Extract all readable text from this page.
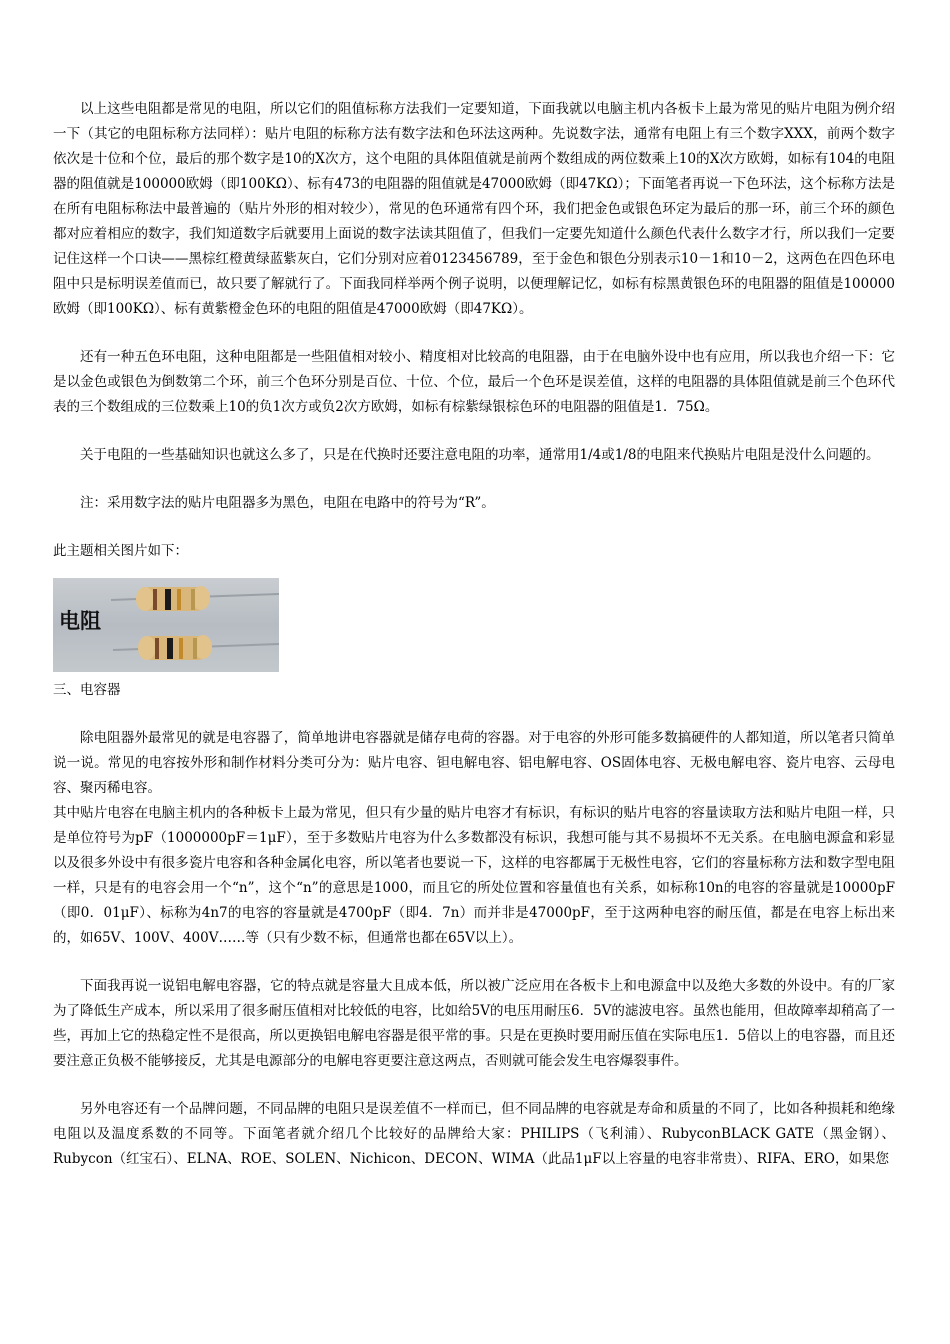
以上这些电阻都是常见的电阻，所以它们的阻值标称方法我们一定要知道，下面我就以电脑主机内各板卡上最为常见的贴片电阻为例介绍一下（其它的电阻标称方法同样）：贴片电阻的标称方法有数字法和色环法这两种。先说数字法，通常有电阻上有三个数字XXX，前两个数字依次是十位和个位，最后的那个数字是10的X次方，这个电阻的具体阻值就是前两个数组成的两位数乘上10的X次方欧姆，如标有104的电阻器的阻值就是100000欧姆（即100KΩ）、标有473的电阻器的阻值就是47000欧姆（即47KΩ）；下面笔者再说一下色环法，这个标称方法是在所有电阻标称法中最普遍的（贴片外形的相对较少），常见的色环通常有四个环，我们把金色或银色环定为最后的那一环，前三个环的颜色都对应着相应的数字，我们知道数字后就要用上面说的数字法读其阻值了，但我们一定要先知道什么颜色代表什么数字才行，所以我们一定要记住这样一个口诀——黑棕红橙黄绿蓝紫灰白，它们分别对应着0123456789，至于金色和银色分别表示10－1和10－2，这两色在四色环电阻中只是标明误差值而已，故只要了解就行了。下面我同样举两个例子说明，以便理解记忆，如标有棕黑黄银色环的电阻器的阻值是100000欧姆（即100KΩ）、标有黄紫橙金色环的电阻的阻值是47000欧姆（即47KΩ）。

还有一种五色环电阻，这种电阻都是一些阻值相对较小、精度相对比较高的电阻器，由于在电脑外设中也有应用，所以我也介绍一下：它是以金色或银色为倒数第二个环，前三个色环分别是百位、十位、个位，最后一个色环是误差值，这样的电阻器的具体阻值就是前三个色环代表的三个数组成的三位数乘上10的负1次方或负2次方欧姆，如标有棕紫绿银棕色环的电阻器的阻值是1．75Ω。

关于电阻的一些基础知识也就这么多了，只是在代换时还要注意电阻的功率，通常用1/4或1/8的电阻来代换贴片电阻是没什么问题的。

注：采用数字法的贴片电阻器多为黑色，电阻在电路中的符号为“R”。

此主题相关图片如下：

电阻

三、电容器

除电阻器外最常见的就是电容器了，简单地讲电容器就是储存电荷的容器。对于电容的外形可能多数搞硬件的人都知道，所以笔者只简单说一说。常见的电容按外形和制作材料分类可分为：贴片电容、钽电解电容、铝电解电容、OS固体电容、无极电解电容、瓷片电容、云母电容、聚丙稀电容。

其中贴片电容在电脑主机内的各种板卡上最为常见，但只有少量的贴片电容才有标识，有标识的贴片电容的容量读取方法和贴片电阻一样，只是单位符号为pF（1000000pF＝1μF），至于多数贴片电容为什么多数都没有标识，我想可能与其不易损坏不无关系。在电脑电源盒和彩显以及很多外设中有很多瓷片电容和各种金属化电容，所以笔者也要说一下，这样的电容都属于无极性电容，它们的容量标称方法和数字型电阻一样，只是有的电容会用一个“n”，这个“n”的意思是1000，而且它的所处位置和容量值也有关系，如标称10n的电容的容量就是10000pF（即0．01μF）、标称为4n7的电容的容量就是4700pF（即4．7n）而并非是47000pF，至于这两种电容的耐压值，都是在电容上标出来的，如65V、100V、400V……等（只有少数不标，但通常也都在65V以上）。

下面我再说一说铝电解电容器，它的特点就是容量大且成本低，所以被广泛应用在各板卡上和电源盒中以及绝大多数的外设中。有的厂家为了降低生产成本，所以采用了很多耐压值相对比较低的电容，比如给5V的电压用耐压6．5V的滤波电容。虽然也能用，但故障率却稍高了一些，再加上它的热稳定性不是很高，所以更换铝电解电容器是很平常的事。只是在更换时要用耐压值在实际电压1．5倍以上的电容器，而且还要注意正负极不能够接反，尤其是电源部分的电解电容更要注意这两点，否则就可能会发生电容爆裂事件。

另外电容还有一个品牌问题，不同品牌的电阻只是误差值不一样而已，但不同品牌的电容就是寿命和质量的不同了，比如各种损耗和绝缘电阻以及温度系数的不同等。下面笔者就介绍几个比较好的品牌给大家：PHILIPS（飞利浦）、RubyconBLACK GATE（黑金钢）、Rubycon（红宝石）、ELNA、ROE、SOLEN、Nichicon、DECON、WIMA（此品1μF以上容量的电容非常贵）、RIFA、ERO，如果您
